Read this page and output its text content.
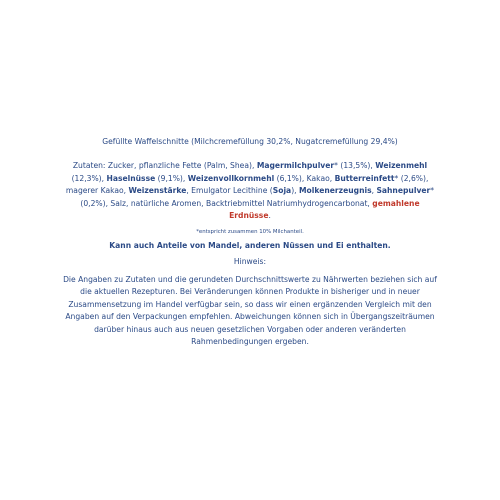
Gefüllte Waffelschnitte (Milchcremefüllung 30,2%, Nugatcremefüllung 29,4%)
Zutaten: Zucker, pflanzliche Fette (Palm, Shea), Magermilchpulver* (13,5%), Weizenmehl (12,3%), Haselnüsse (9,1%), Weizenvollkornmehl (6,1%), Kakao, Butterreinfett* (2,6%), magerer Kakao, Weizenstärke, Emulgator Lecithine (Soja), Molkenerzeugnis, Sahnepulver* (0,2%), Salz, natürliche Aromen, Backtriebmittel Natriumhydrogencarbonat, gemahlene Erdnüsse.
*entspricht zusammen 10% Milchanteil.
Kann auch Anteile von Mandel, anderen Nüssen und Ei enthalten.
Hinweis:
Die Angaben zu Zutaten und die gerundeten Durchschnittswerte zu Nährwerten beziehen sich auf die aktuellen Rezepturen. Bei Veränderungen können Produkte in bisheriger und in neuer Zusammensetzung im Handel verfügbar sein, so dass wir einen ergänzenden Vergleich mit den Angaben auf den Verpackungen empfehlen. Abweichungen können sich in Übergangszeiträumen darüber hinaus auch aus neuen gesetzlichen Vorgaben oder anderen veränderten Rahmenbedingungen ergeben.
